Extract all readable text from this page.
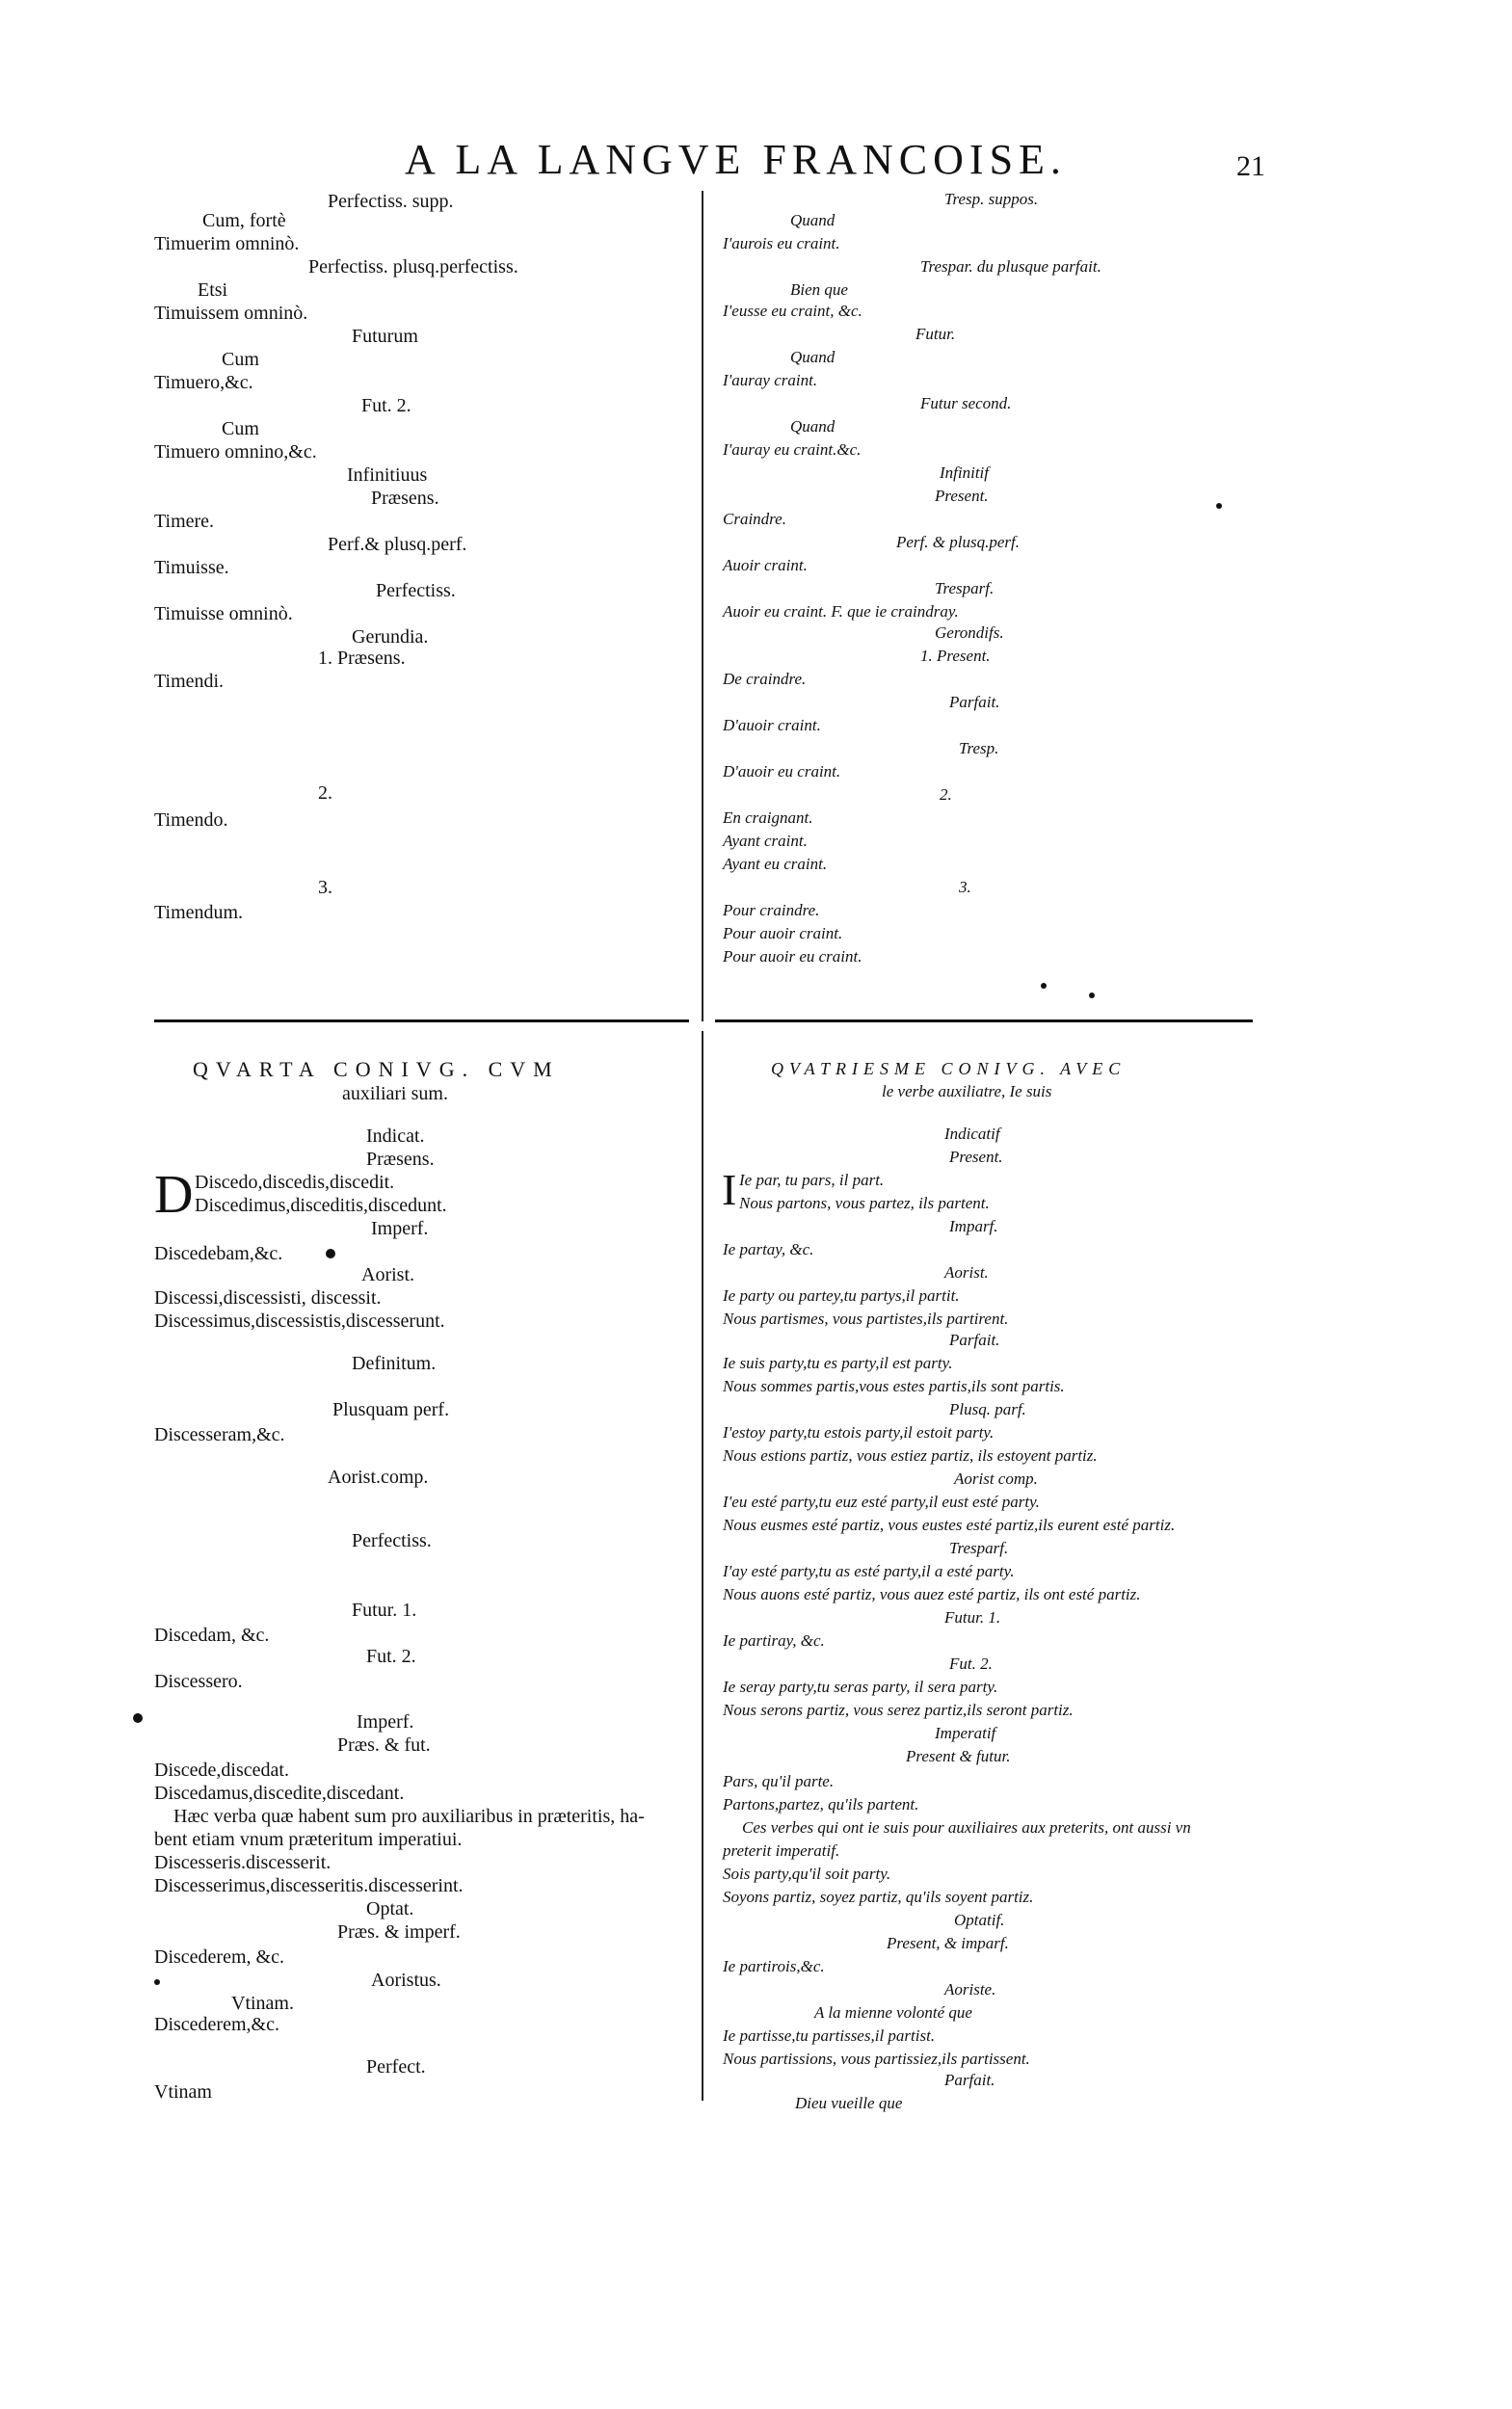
A LA LANGVE FRANCOISE.	21
Perfectiss. supp.
Cum, fortè
Timuerim omninò.
Perfectiss. plusq.perfectiss.
Etsi
Timuissem omninò.
Futurum
Cum
Timuero,&c.
Fut. 2.
Cum
Timuero omnino,&c.
Infinitiuus
Præsens.
Timere.
Perf.& plusq.perf.
Timuisse.
Perfectiss.
Timuisse omninò.
Gerundia.
1. Præsens.
Timendi.
2.
Timendo.
3.
Timendum.
Tresp. suppos.
Quand
I'aurois eu craint.
Trespar. du plusque parfait.
Bien que
I'eusse eu craint, &c.
Futur.
Quand
I'auray craint.
Futur second.
Quand
I'auray eu craint.&c.
Infinitif
Present.
Craindre.
Perf. & plusq.perf.
Auoir craint.
Tresparf.
Auoir eu craint. F. que ie craindray.
Gerondifs.
1. Present.
De craindre.
Parfait.
D'auoir craint.
Tresp.
D'auoir eu craint.
2.
En craignant.
Ayant craint.
Ayant eu craint.
3.
Pour craindre.
Pour auoir craint.
Pour auoir eu craint.
QVARTA CONIVG. CVM
auxiliari sum.
Indicat.
Præsens.
D Discedo,discedis,discedit.
Discedimus,disceditis,discedunt.
Imperf.
Discedebam,&c.
Aorist.
Discessi,discessisti, discessit.
Discessimus,discessistis,discesserunt.
Definitum.
Plusquam perf.
Discesseram,&c.
Aorist.comp.
Perfectiss.
Futur. 1.
Discedam, &c.
Fut. 2.
Discessero.
Imperf.
Præs. & fut.
Discede,discedat.
Discedamus,discedite,discedant.
Hæc verba quæ habent sum pro auxiliaribus in præteritis, ha-
bent etiam vnum præteritum imperatiui.
Discesseris.discesserit.
Discesserimus,discesseritis.discesserint.
Optat.
Præs. & imperf.
Discederem, &c.
Aoristus.
Vtinam.
Discederem,&c.
Perfect.
Vtinam
QVATRIESME CONIVG. AVEC
le verbe auxiliatre, Ie suis
Indicatif
Present.
I Ie par, tu pars, il part.
Nous partons, vous partez, ils partent.
Imparf.
Ie partay, &c.
Aorist.
Ie party ou partey,tu partys,il partit.
Nous partismes, vous partistes,ils partirent.
Parfait.
Ie suis party,tu es party,il est party.
Nous sommes partis,vous estes partis,ils sont partis.
Plusq. parf.
I'estoy party,tu estois party,il estoit party.
Nous estions partiz, vous estiez partiz, ils estoyent partiz.
Aorist comp.
I'eu esté party,tu euz esté party,il eust esté party.
Nous eusmes esté partiz, vous eustes esté partiz,ils eurent esté partiz.
Tresparf.
I'ay esté party,tu as esté party,il a esté party.
Nous auons esté partiz, vous auez esté partiz, ils ont esté partiz.
Futur. 1.
Ie partiray, &c.
Fut. 2.
Ie seray party,tu seras party, il sera party.
Nous serons partiz, vous serez partiz,ils seront partiz.
Imperatif
Present & futur.
Pars, qu'il parte.
Partons,partez, qu'ils partent.
Ces verbes qui ont ie suis pour auxiliaires aux preterits, ont aussi vn
preterit imperatif.
Sois party,qu'il soit party.
Soyons partiz, soyez partiz, qu'ils soyent partiz.
Optatif.
Present, & imparf.
Ie partirois,&c.
Aoriste.
A la mienne volonté que
Ie partisse,tu partisses,il partist.
Nous partissions, vous partissiez,ils partissent.
Parfait.
Dieu vueille que
